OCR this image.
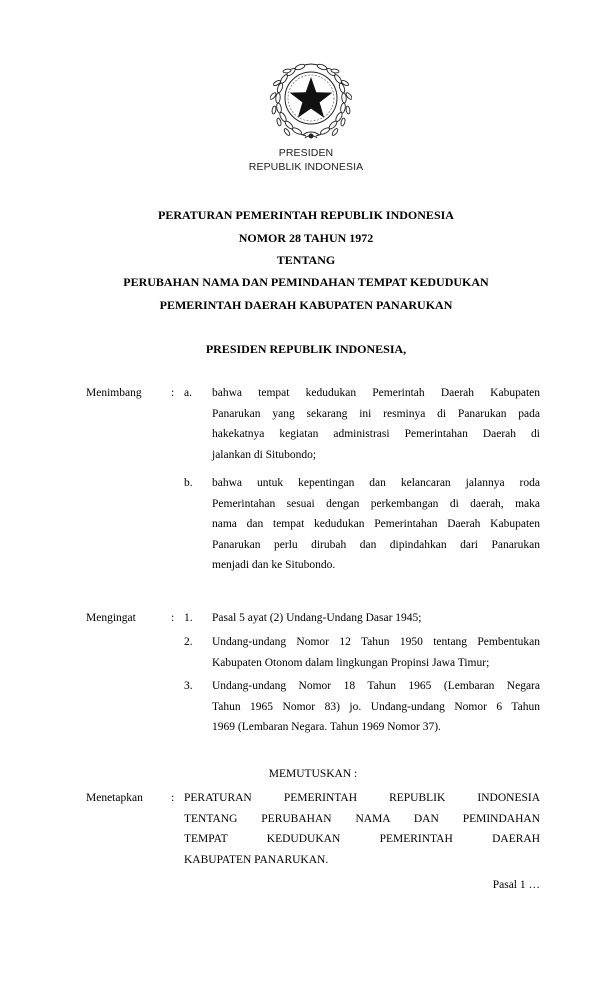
PRESIDEN
REPUBLIK INDONESIA
PERATURAN PEMERINTAH REPUBLIK INDONESIA
NOMOR 28 TAHUN 1972
TENTANG
PERUBAHAN NAMA DAN PEMINDAHAN TEMPAT KEDUDUKAN
PEMERINTAH DAERAH KABUPATEN PANARUKAN
PRESIDEN REPUBLIK INDONESIA,
Menimbang	: a. bahwa tempat kedudukan Pemerintah Daerah Kabupaten
Panarukan yang sekarang ini resminya di Panarukan pada
hakekatnya kegiatan administrasi Pemerintahan Daerah di
jalankan di Situbondo;
b. bahwa untuk kepentingan dan kelancaran jalannya roda
Pemerintahan sesuai dengan perkembangan di daerah, maka
nama dan tempat kedudukan Pemerintahan Daerah Kabupaten
Panarukan perlu dirubah dan dipindahkan dari Panarukan
menjadi dan ke Situbondo.
Mengingat	: 1. Pasal 5 ayat (2) Undang-Undang Dasar 1945;
2. Undang-undang Nomor 12 Tahun 1950 tentang Pembentukan
Kabupaten Otonom dalam lingkungan Propinsi Jawa Timur;
3. Undang-undang Nomor 18 Tahun 1965 (Lembaran Negara
Tahun 1965 Nomor 83) jo. Undang-undang Nomor 6 Tahun
1969 (Lembaran Negara. Tahun 1969 Nomor 37).
MEMUTUSKAN :
Menetapkan : PERATURAN PEMERINTAH REPUBLIK INDONESIA
TENTANG PERUBAHAN NAMA DAN PEMINDAHAN
TEMPAT KEDUDUKAN PEMERINTAH DAERAH
KABUPATEN PANARUKAN.
Pasal 1 …
